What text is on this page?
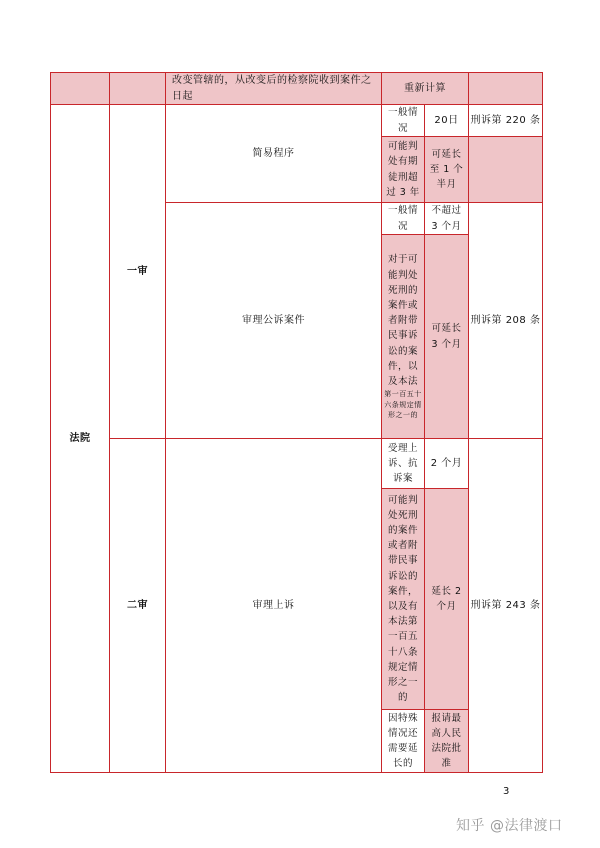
改变管辖的，从改变后的检察院收到案件之日起
重新计算
法院
一审
二审
简易程序
审理公诉案件
审理上诉
一般情况
20日	刑诉第 220 条
可能判处有期徒刑超过 3 年
可延长至 1 个半月
一般情况
不超过 3 个月
对于可能判处死刑的案件或者附带民事诉讼的案件，以及本法
第一百五十六条规定情形之一的
可延长 3 个月
刑诉第 208 条
受理上诉、抗诉案
2 个月
可能判处死刑的案件或者附带民事诉讼的案件，以及有本法第一百五十八条规定情形之一的
延长 2 个月
因特殊情况还需要延长的
报请最高人民法院批准
刑诉第 243 条
3
知乎 @法律渡口
